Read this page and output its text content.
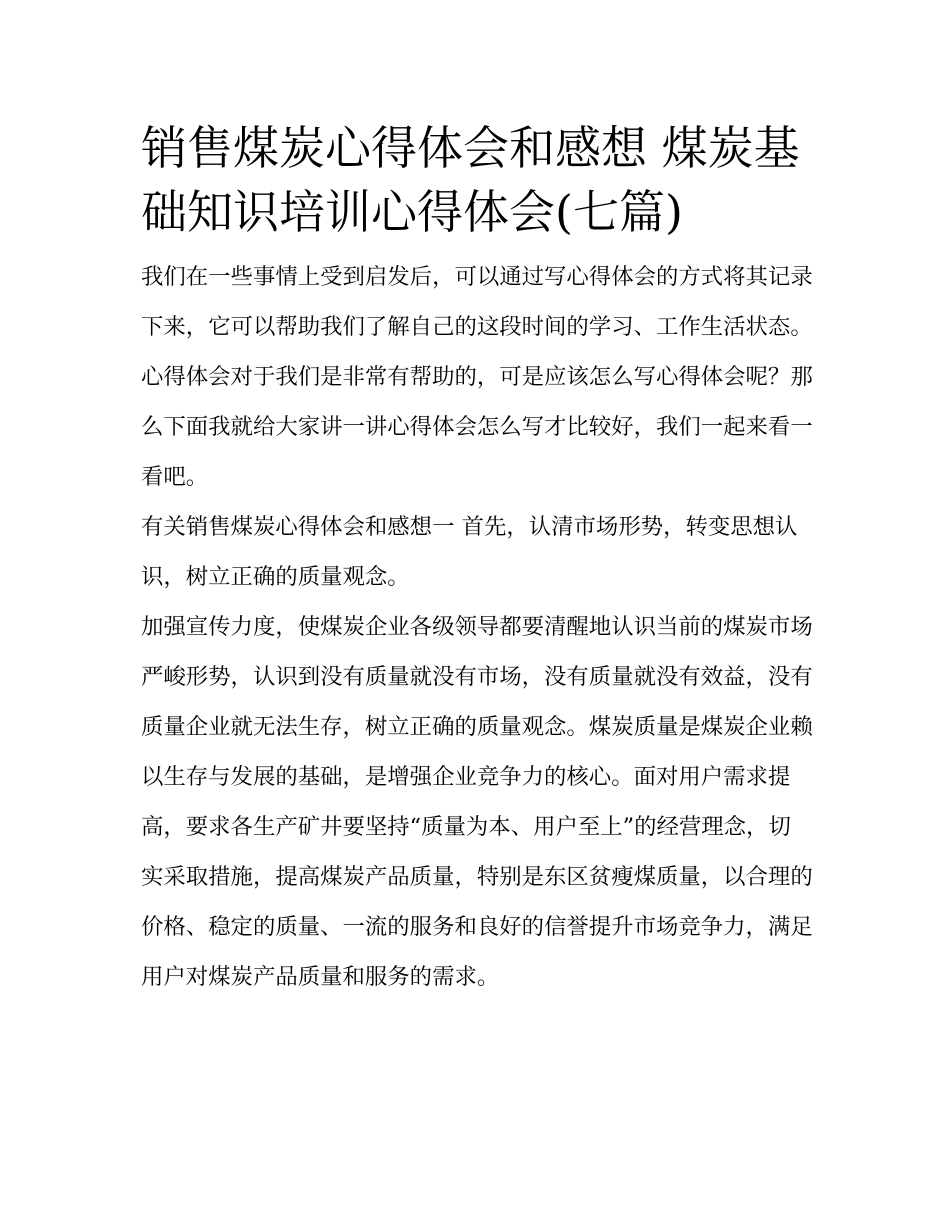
销售煤炭心得体会和感想 煤炭基础知识培训心得体会(七篇)

我们在一些事情上受到启发后，可以通过写心得体会的方式将其记录下来，它可以帮助我们了解自己的这段时间的学习、工作生活状态。心得体会对于我们是非常有帮助的，可是应该怎么写心得体会呢？那么下面我就给大家讲一讲心得体会怎么写才比较好，我们一起来看一看吧。

有关销售煤炭心得体会和感想一 首先，认清市场形势，转变思想认识，树立正确的质量观念。

加强宣传力度，使煤炭企业各级领导都要清醒地认识当前的煤炭市场严峻形势，认识到没有质量就没有市场，没有质量就没有效益，没有质量企业就无法生存，树立正确的质量观念。煤炭质量是煤炭企业赖以生存与发展的基础，是增强企业竞争力的核心。面对用户需求提高，要求各生产矿井要坚持“质量为本、用户至上”的经营理念，切实采取措施，提高煤炭产品质量，特别是东区贫瘦煤质量，以合理的价格、稳定的质量、一流的服务和良好的信誉提升市场竞争力，满足用户对煤炭产品质量和服务的需求。
